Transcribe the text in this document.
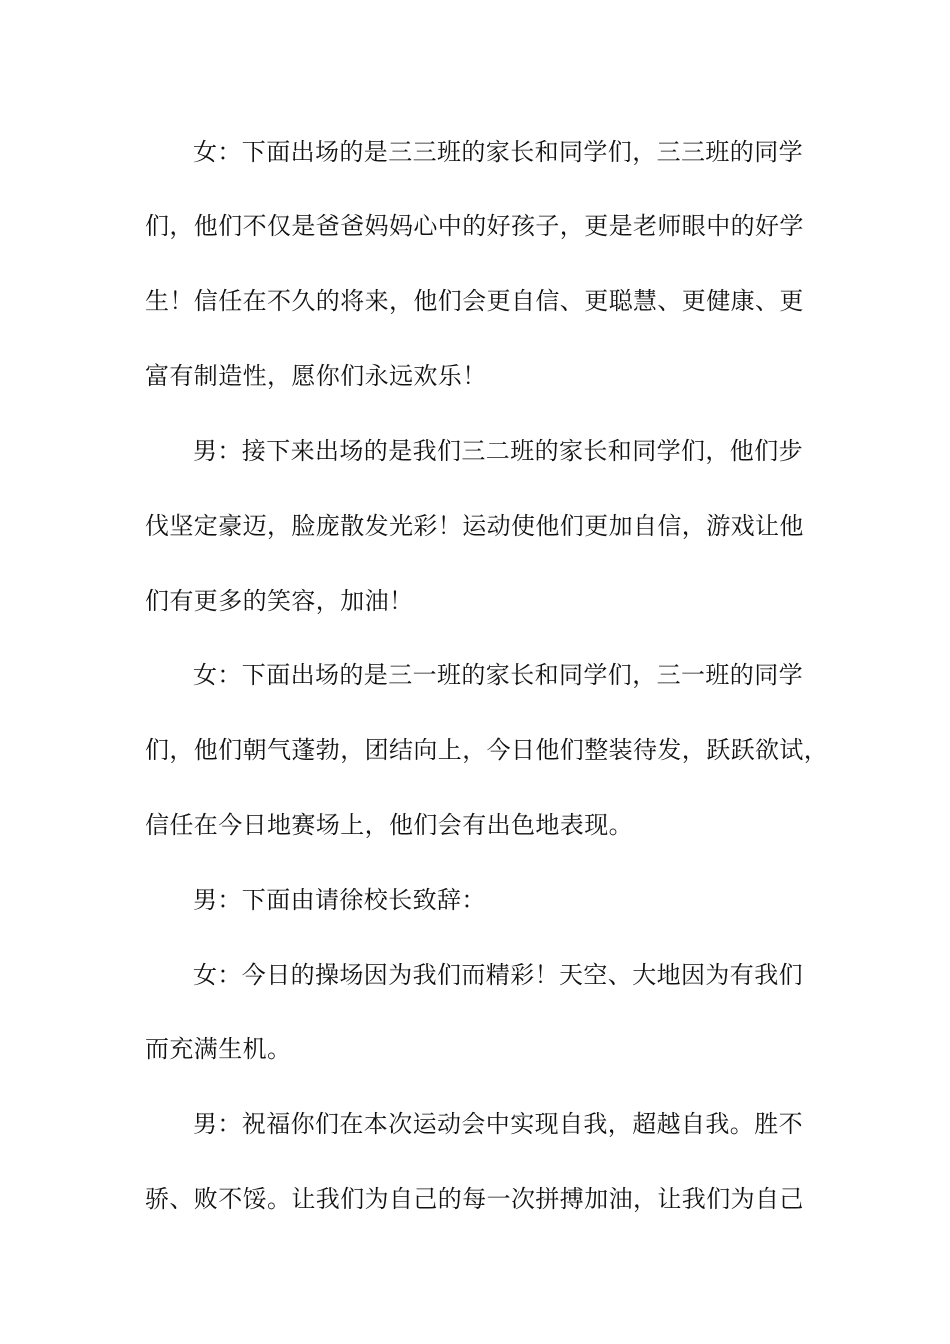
女：下面出场的是三三班的家长和同学们，三三班的同学
们，他们不仅是爸爸妈妈心中的好孩子，更是老师眼中的好学
生！信任在不久的将来，他们会更自信、更聪慧、更健康、更
富有制造性，愿你们永远欢乐！
男：接下来出场的是我们三二班的家长和同学们，他们步
伐坚定豪迈，脸庞散发光彩！运动使他们更加自信，游戏让他
们有更多的笑容，加油！
女：下面出场的是三一班的家长和同学们，三一班的同学
们，他们朝气蓬勃，团结向上，今日他们整装待发，跃跃欲试，
信任在今日地赛场上，他们会有出色地表现。
男：下面由请徐校长致辞：
女：今日的操场因为我们而精彩！天空、大地因为有我们
而充满生机。
男：祝福你们在本次运动会中实现自我，超越自我。胜不
骄、败不馁。让我们为自己的每一次拼搏加油，让我们为自己
